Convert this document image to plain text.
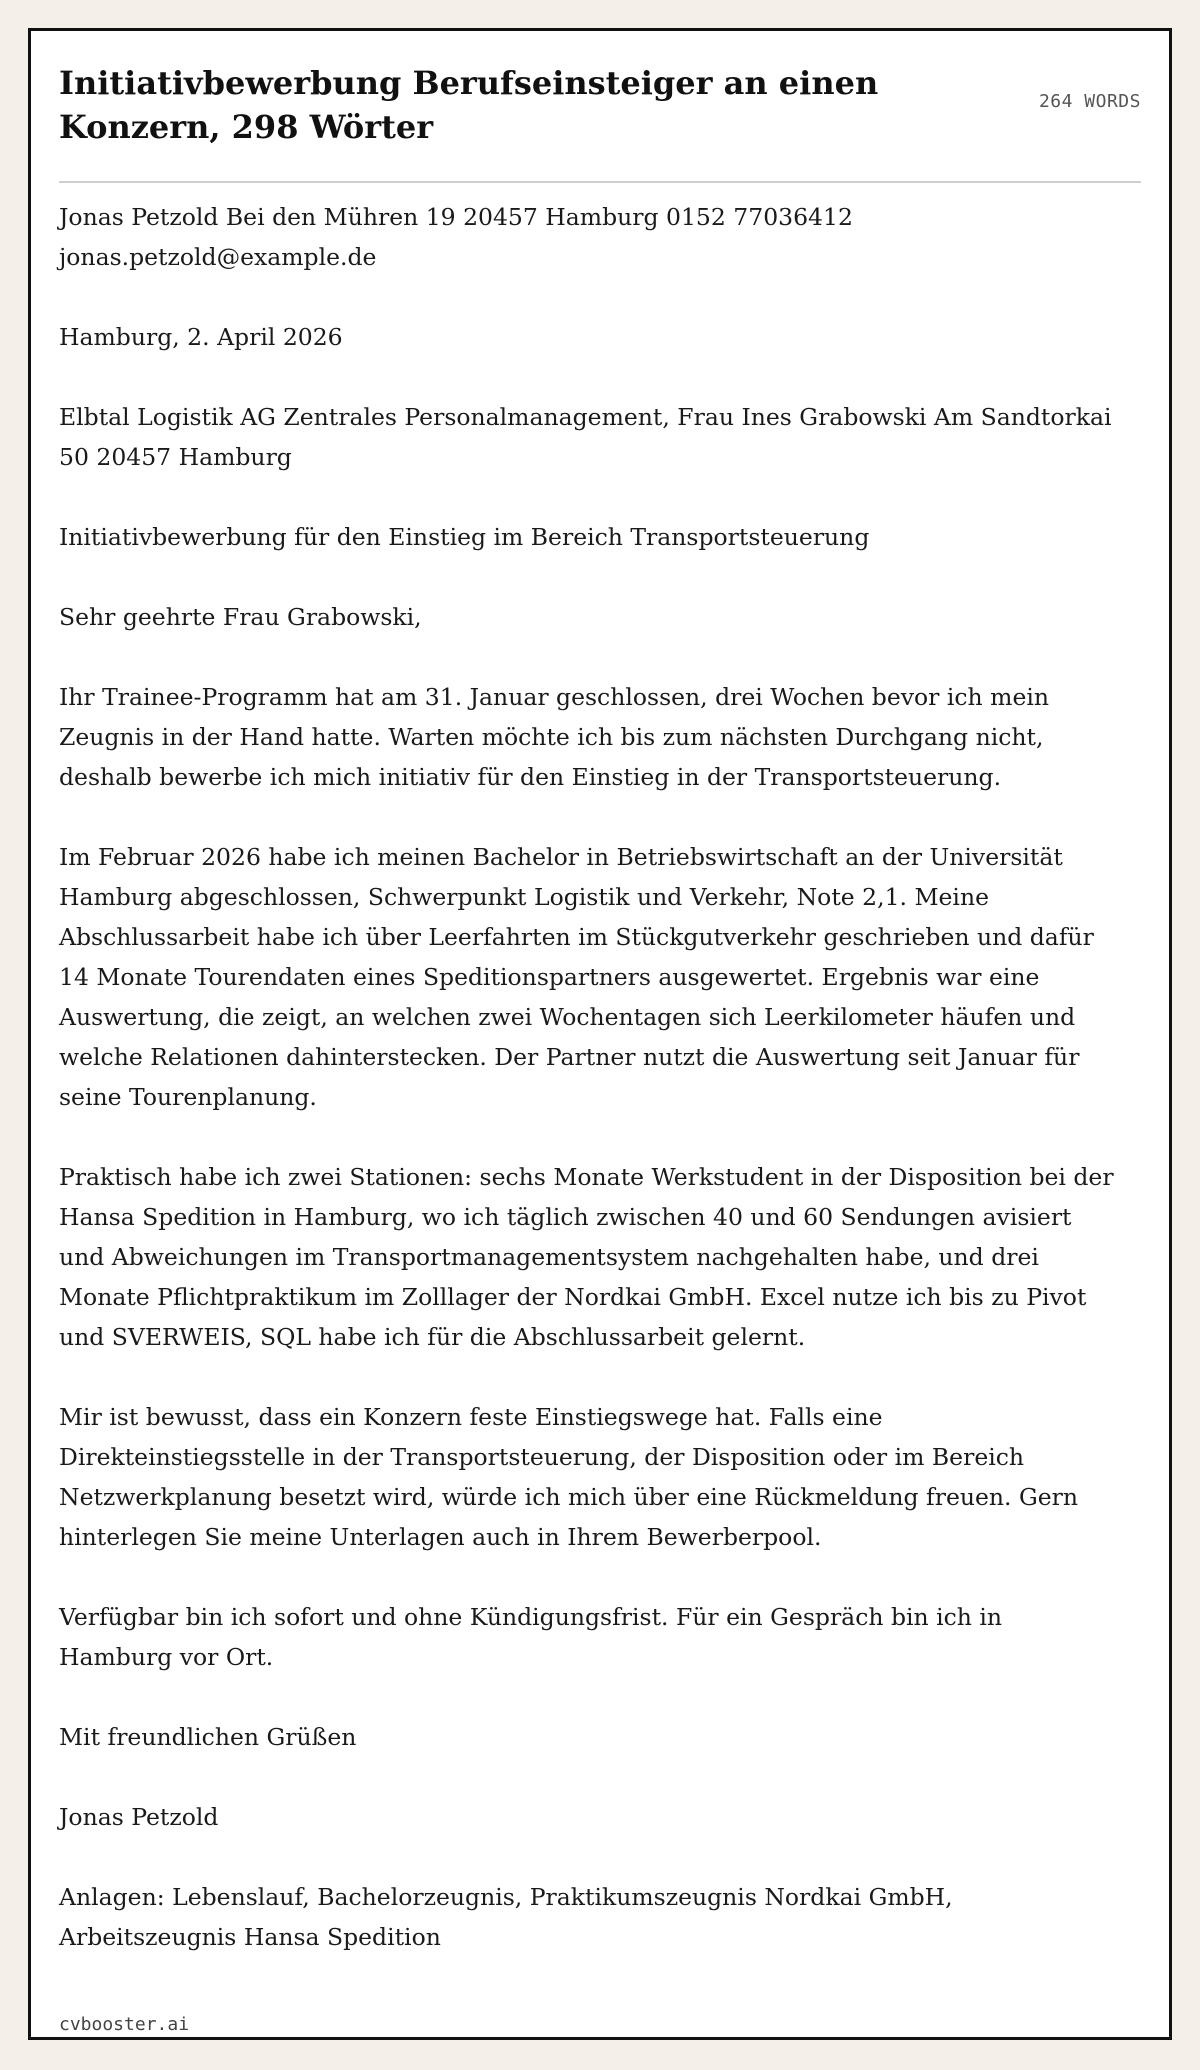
Initiativbewerbung Berufseinsteiger an einen Konzern, 298 Wörter
264 WORDS

Jonas Petzold Bei den Mühren 19 20457 Hamburg 0152 77036412 jonas.petzold@example.de

Hamburg, 2. April 2026

Elbtal Logistik AG Zentrales Personalmanagement, Frau Ines Grabowski Am Sandtorkai 50 20457 Hamburg

Initiativbewerbung für den Einstieg im Bereich Transportsteuerung

Sehr geehrte Frau Grabowski,

Ihr Trainee-Programm hat am 31. Januar geschlossen, drei Wochen bevor ich mein Zeugnis in der Hand hatte. Warten möchte ich bis zum nächsten Durchgang nicht, deshalb bewerbe ich mich initiativ für den Einstieg in der Transportsteuerung.

Im Februar 2026 habe ich meinen Bachelor in Betriebswirtschaft an der Universität Hamburg abgeschlossen, Schwerpunkt Logistik und Verkehr, Note 2,1. Meine Abschlussarbeit habe ich über Leerfahrten im Stückgutverkehr geschrieben und dafür 14 Monate Tourendaten eines Speditionspartners ausgewertet. Ergebnis war eine Auswertung, die zeigt, an welchen zwei Wochentagen sich Leerkilometer häufen und welche Relationen dahinterstecken. Der Partner nutzt die Auswertung seit Januar für seine Tourenplanung.

Praktisch habe ich zwei Stationen: sechs Monate Werkstudent in der Disposition bei der Hansa Spedition in Hamburg, wo ich täglich zwischen 40 und 60 Sendungen avisiert und Abweichungen im Transportmanagementsystem nachgehalten habe, und drei Monate Pflichtpraktikum im Zolllager der Nordkai GmbH. Excel nutze ich bis zu Pivot und SVERWEIS, SQL habe ich für die Abschlussarbeit gelernt.

Mir ist bewusst, dass ein Konzern feste Einstiegswege hat. Falls eine Direkteinstiegsstelle in der Transportsteuerung, der Disposition oder im Bereich Netzwerkplanung besetzt wird, würde ich mich über eine Rückmeldung freuen. Gern hinterlegen Sie meine Unterlagen auch in Ihrem Bewerberpool.

Verfügbar bin ich sofort und ohne Kündigungsfrist. Für ein Gespräch bin ich in Hamburg vor Ort.

Mit freundlichen Grüßen

Jonas Petzold

Anlagen: Lebenslauf, Bachelorzeugnis, Praktikumszeugnis Nordkai GmbH, Arbeitszeugnis Hansa Spedition

cvbooster.ai
